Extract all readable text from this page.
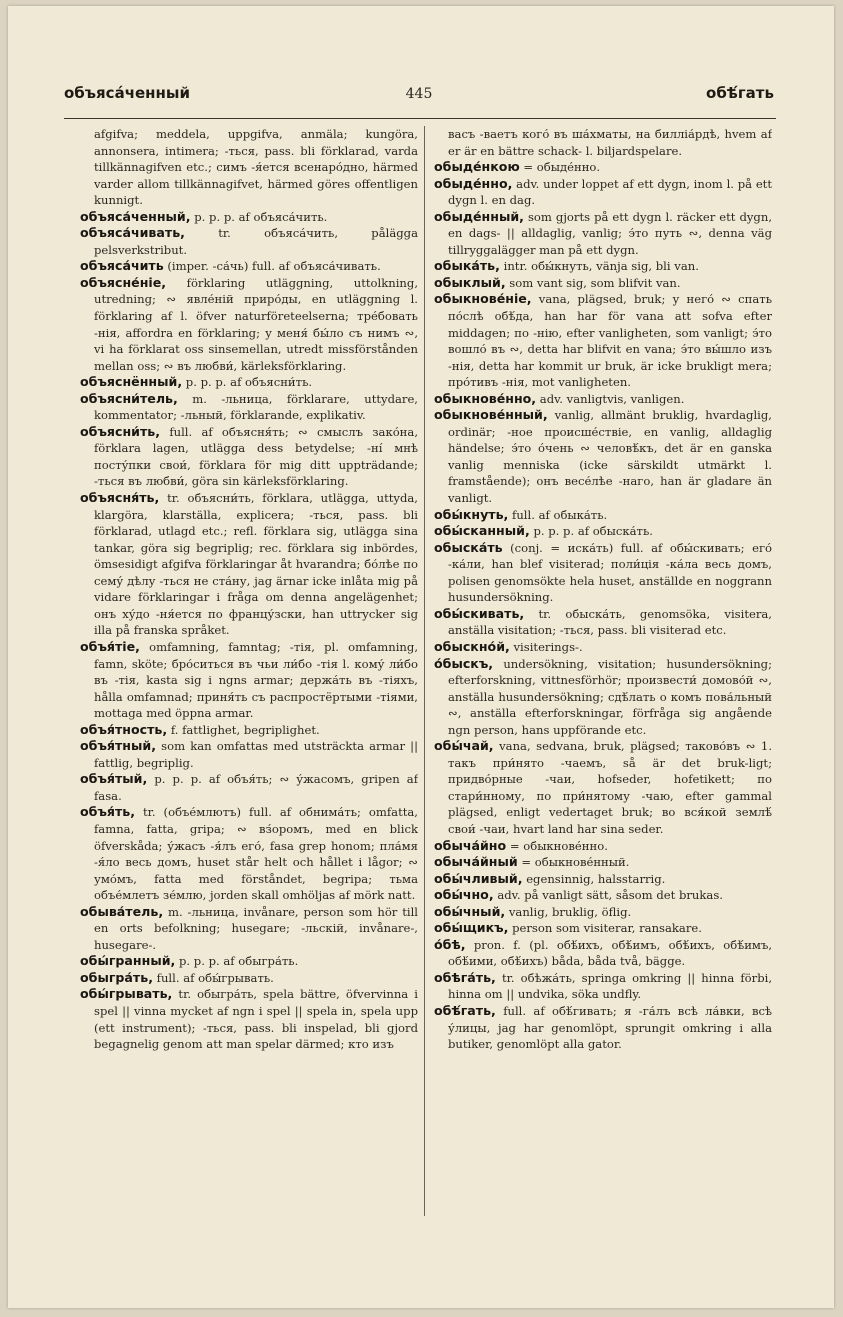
объяса́ченный	445	обѣ́гать

afgifva; meddela, uppgifva, anmäla; kungöra, annonsera, intimera; -ться, pass. bli förklarad, varda tillkännagifven etc.; симъ -я́ется всенаро́дно, härmed varder allom tillkännagifvet, härmed göres offentligen kunnigt.

объяса́ченный, p. p. p. af объяса́чить.

объяса́чивать,	tr. объяса́чить, pålägga pelsverkstribut.

объяса́чить (imper. -са́чь) full. af объяса́чивать.

объясне́ніе, förklaring utläggning, uttolkning, utredning; ∾ явле́ній приро́ды, en utläggning l. förklaring af l. öfver naturföreteelserna; тре́бовать -нія, affordra en förklaring; у меня́ бы́ло съ нимъ ∾, vi ha förklarat oss sinsemellan, utredt missförstånden mellan oss; ∾ въ любви́, kärleksförklaring.

объяснённый, p. p. p. af объясни́ть.

объясни́тель, m. -льница, förklarare, uttydare, kommentator; -льный, förklarande, explikativ.

объясни́ть, full. af объясня́ть; ∾ смыслъ зако́на, förklara lagen, utlägga dess betydelse; -ні́ мнѣ посту́пки свои́, förklara för mig ditt uppträdande; -ться въ любви́, göra sin kärleksförklaring.

объясня́ть, tr. объясни́ть, förklara, utlägga, uttyda, klargöra, klarställa, explicera; -ться, pass. bli förklarad, utlagd etc.; refl. förklara sig, utlägga sina tankar, göra sig begriplig; rec. förklara sig inbördes, ömsesidigt afgifva förklaringar åt hvarandra; бо́лѣе по сему́ дѣлу -ться не ста́ну, jag ärnar icke inlåta mig på vidare förklaringar i fråga om denna angelägenhet; онъ ху́до -ня́ется по францу́зски, han uttrycker sig illa på franska språket.

объя́тіе, omfamning, famntag; -тія, pl. omfamning, famn, sköte; бро́ситься въ чьи ли́бо -тія l. кому́ ли́бо въ -тія, kasta sig i ngns armar; держа́ть въ -тіяхъ, hålla omfamnad; приня́ть съ распростёртыми -тіями, mottaga med öppna armar.

объя́тность, f. fattlighet, begriplighet.

объя́тный, som kan omfattas med utsträckta armar || fattlig, begriplig.

объя́тый, p. p. p. af объя́ть; ∾ у́жасомъ, gripen af fasa.

объя́ть, tr. (объе́млютъ) full. af обнима́ть; omfatta, famna, fatta, gripa; ∾ вз́оромъ, med en blick öfverskåda; у́жасъ -я́лъ его́, fasa grep honom; пла́мя -я́ло весь домъ, huset står helt och hållet i lågor; ∾ умо́мъ, fatta med förståndet, begripa; тьма объе́млетъ зе́млю, jorden skall omhöljas af mörk natt.

обыва́тель, m. -льница, invånare, person som hör till en orts befolkning; husegare; -льскій, invånare-, husegare-.

обы́гранный, p. p. p. af обыгра́ть.

обыгра́ть, full. af обы́грывать.

обы́грывать, tr. обыгра́ть, spela bättre, öfvervinna i spel || vinna mycket af ngn i spel || spela in, spela upp (ett instrument); -ться, pass. bli inspelad, bli gjord begagnelig genom att man spelar därmed; кто изъ

васъ -ваетъ кого́ въ ша́хматы, на билліа́рдѣ, hvem af er är en bättre schack- l. biljardspelare.

обыде́нкою = обыде́нно.

обыде́нно, adv. under loppet af ett dygn, inom l. på ett dygn l. en dag.

обыде́нный, som gjorts på ett dygn l. räcker ett dygn, en dags- || alldaglig, vanlig; э́то путь ∾, denna väg tillryggalägger man på ett dygn.

обыка́ть, intr. обы́кнуть, vänja sig, bli van.

обыклый, som vant sig, som blifvit van.

обыкнове́ніе, vana, plägsed, bruk; у него́ ∾ спать по́слѣ обѣ́да, han har för vana att sofva efter middagen; по -нію, efter vanligheten, som vanligt; э́то вошло́ въ ∾, detta har blifvit en vana; э́то вы́шло изъ -нія, detta har kommit ur bruk, är icke brukligt mera; про́тивъ -нія, mot vanligheten.

обыкнове́нно, adv. vanligtvis, vanligen.

обыкнове́нный, vanlig, allmänt bruklig, hvardaglig, ordinär; -ное происше́ствіе, en vanlig, alldaglig händelse; э́то о́чень ∾ человѣ́къ, det är en ganska vanlig menniska (icke särskildt utmärkt l. framstående); онъ весе́лѣе -наго, han är gladare än vanligt.

обы́кнуть, full. af обыка́ть.

обы́сканный, p. p. p. af обыска́ть.

обыска́ть (conj. = иска́ть) full. af обы́скивать; его́ -ка́ли, han blef visiterad; поли́ція -ка́ла весь домъ, polisen genomsökte hela huset, anställde en noggrann husundersökning.

обы́скивать, tr. обыска́ть, genomsöka, visitera, anställa visitation; -ться, pass. bli visiterad etc.

обыскно́й, visiterings-.

о́быскъ, undersökning, visitation; husundersökning; efterforskning, vittnesförhör; произвести́ домово́й ∾, anställa husundersökning; сдѣ́лать о комъ пова́льный ∾, anställa efterforskningar, förfråga sig angående ngn person, hans uppförande etc.

обы́чай, vana, sedvana, bruk, plägsed; таково́въ ∾ 1. такъ при́нято -чаемъ, så är det bruk-ligt; придво́рные -чаи, hofseder, hofetikett; по стари́нному, по при́нятому -чаю, efter gammal plägsed, enligt vedertaget bruk; во вся́кой землѣ́ свои́ -чаи, hvart land har sina seder.

обыча́йно = обыкнове́нно.

обыча́йный = обыкнове́нный.

обы́чливый, egensinnig, halsstarrig.

обы́чно, adv. på vanligt sätt, såsom det brukas.

обы́чный, vanlig, bruklig, öflig.

обы́щикъ, person som visiterar, ransakare.

о́бѣ, pron. f. (pl. обѣ́ихъ, обѣ́имъ, обѣ́ихъ, обѣ́имъ, обѣ́ими, обѣ́ихъ) båda, båda två, bägge.

обѣга́ть, tr. обѣжа́ть, springa omkring || hinna förbi, hinna om || undvika, söka undfly.

обѣ́гать, full. af обѣ́гивать; я -га́лъ всѣ ла́вки, всѣ у́лицы, jag har genomlöpt, sprungit omkring i alla butiker, genomlöpt alla gator.
